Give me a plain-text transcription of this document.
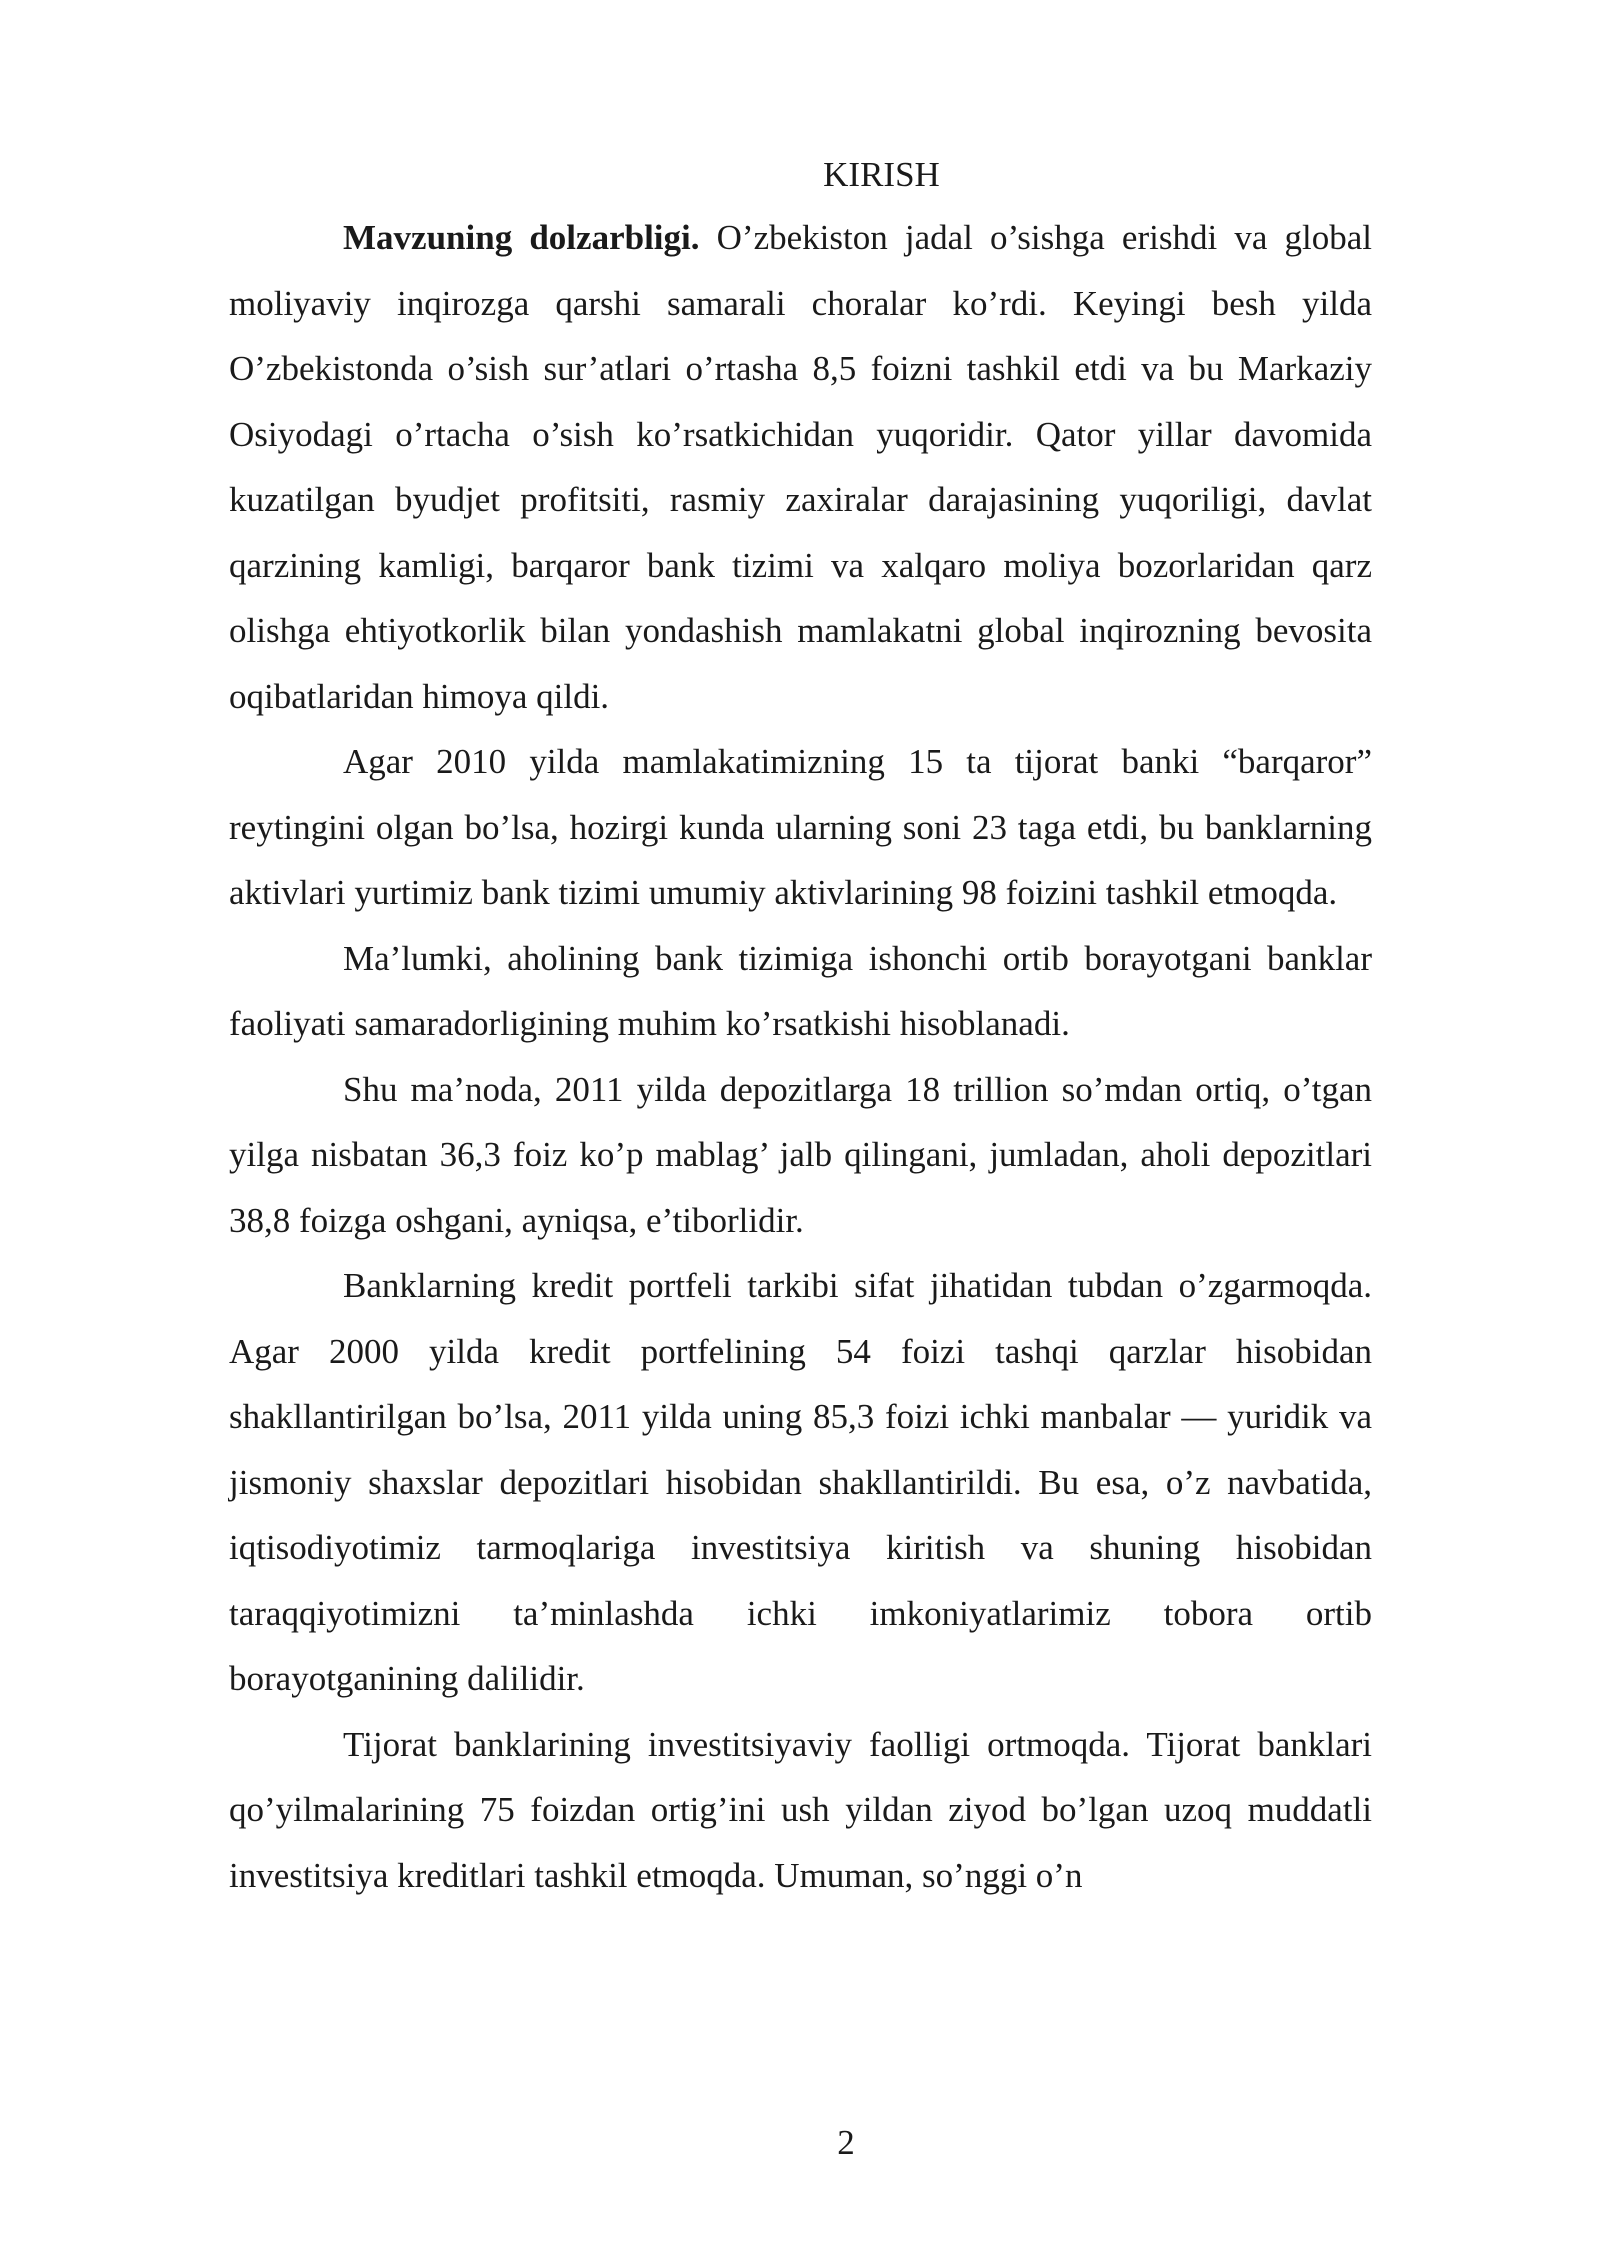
KIRISH

Mavzuning dolzarbligi. O’zbekiston jadal o’sishga erishdi va global moliyaviy inqirozga qarshi samarali choralar ko’rdi. Keyingi besh yilda O’zbekistonda o’sish sur’atlari o’rtasha 8,5 foizni tashkil etdi va bu Markaziy Osiyodagi o’rtacha o’sish ko’rsatkichidan yuqoridir. Qator yillar davomida kuzatilgan byudjet profitsiti, rasmiy zaxiralar darajasining yuqoriligi, davlat qarzining kamligi, barqaror bank tizimi va xalqaro moliya bozorlaridan qarz olishga ehtiyotkorlik bilan yondashish mamlakatni global inqirozning bevosita oqibatlaridan himoya qildi.

Agar 2010 yilda mamlakatimizning 15 ta tijorat banki “barqaror” reytingini olgan bo’lsa, hozirgi kunda ularning soni 23 taga etdi, bu banklarning aktivlari yurtimiz bank tizimi umumiy aktivlarining 98 foizini tashkil etmoqda.

Ma’lumki, aholining bank tizimiga ishonchi ortib borayotgani banklar faoliyati samaradorligining muhim ko’rsatkishi hisoblanadi.

Shu ma’noda, 2011 yilda depozitlarga 18 trillion so’mdan ortiq, o’tgan yilga nisbatan 36,3 foiz ko’p mablag’ jalb qilingani, jumladan, aholi depozitlari 38,8 foizga oshgani, ayniqsa, e’tiborlidir.

Banklarning kredit portfeli tarkibi sifat jihatidan tubdan o’zgarmoqda. Agar 2000 yilda kredit portfelining 54 foizi tashqi qarzlar hisobidan shakllantirilgan bo’lsa, 2011 yilda uning 85,3 foizi ichki manbalar — yuridik va jismoniy shaxslar depozitlari hisobidan shakllantirildi. Bu esa, o’z navbatida, iqtisodiyotimiz tarmoqlariga investitsiya kiritish va shuning hisobidan taraqqiyotimizni ta’minlashda ichki imkoniyatlarimiz tobora ortib borayotganining dalilidir.

Tijorat banklarining investitsiyaviy faolligi ortmoqda. Tijorat banklari qo’yilmalarining 75 foizdan ortig’ini ush yildan ziyod bo’lgan uzoq muddatli investitsiya kreditlari tashkil etmoqda. Umuman, so’nggi o’n

2
